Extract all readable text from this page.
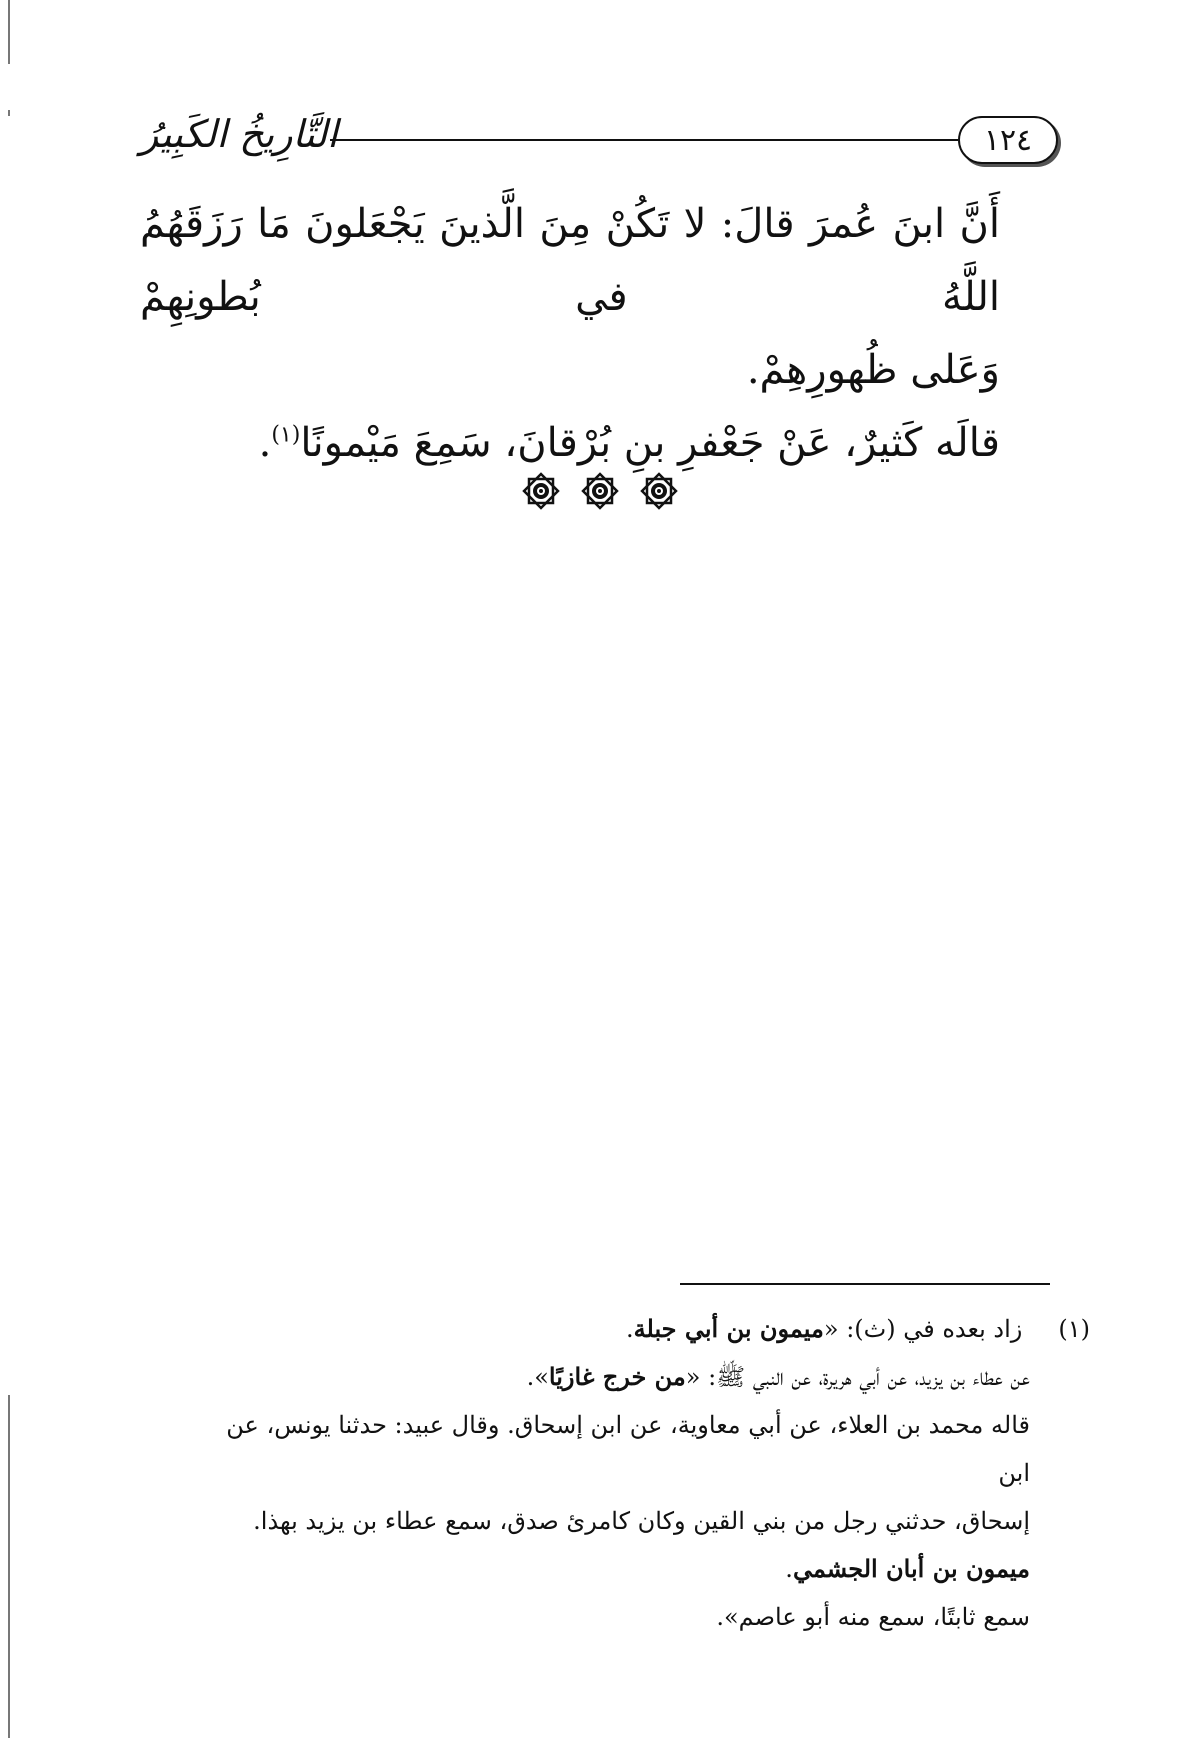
١٢٤
التَّارِيخُ الكَبِيرُ

أَنَّ ابنَ عُمرَ قالَ: لا تَكُنْ مِنَ الَّذينَ يَجْعَلونَ مَا رَزَقَهُمُ اللَّهُ في بُطونِهِمْ

وَعَلى ظُهورِهِمْ.

قالَه كَثيرٌ، عَنْ جَعْفرِ بنِ بُرْقانَ، سَمِعَ مَيْمونًا$^{(١)}$.

(١) زاد بعده في (ث): «ميمون بن أبي جبلة.

عن عطاء بن يزيد، عن أبي هريرة، عن النبي ﷺ: «من خرج غازيًا».

قاله محمد بن العلاء، عن أبي معاوية، عن ابن إسحاق. وقال عبيد: حدثنا يونس، عن ابن

إسحاق، حدثني رجل من بني القين وكان كامرئ صدق، سمع عطاء بن يزيد بهذا.

ميمون بن أبان الجشمي.

سمع ثابتًا، سمع منه أبو عاصم».
